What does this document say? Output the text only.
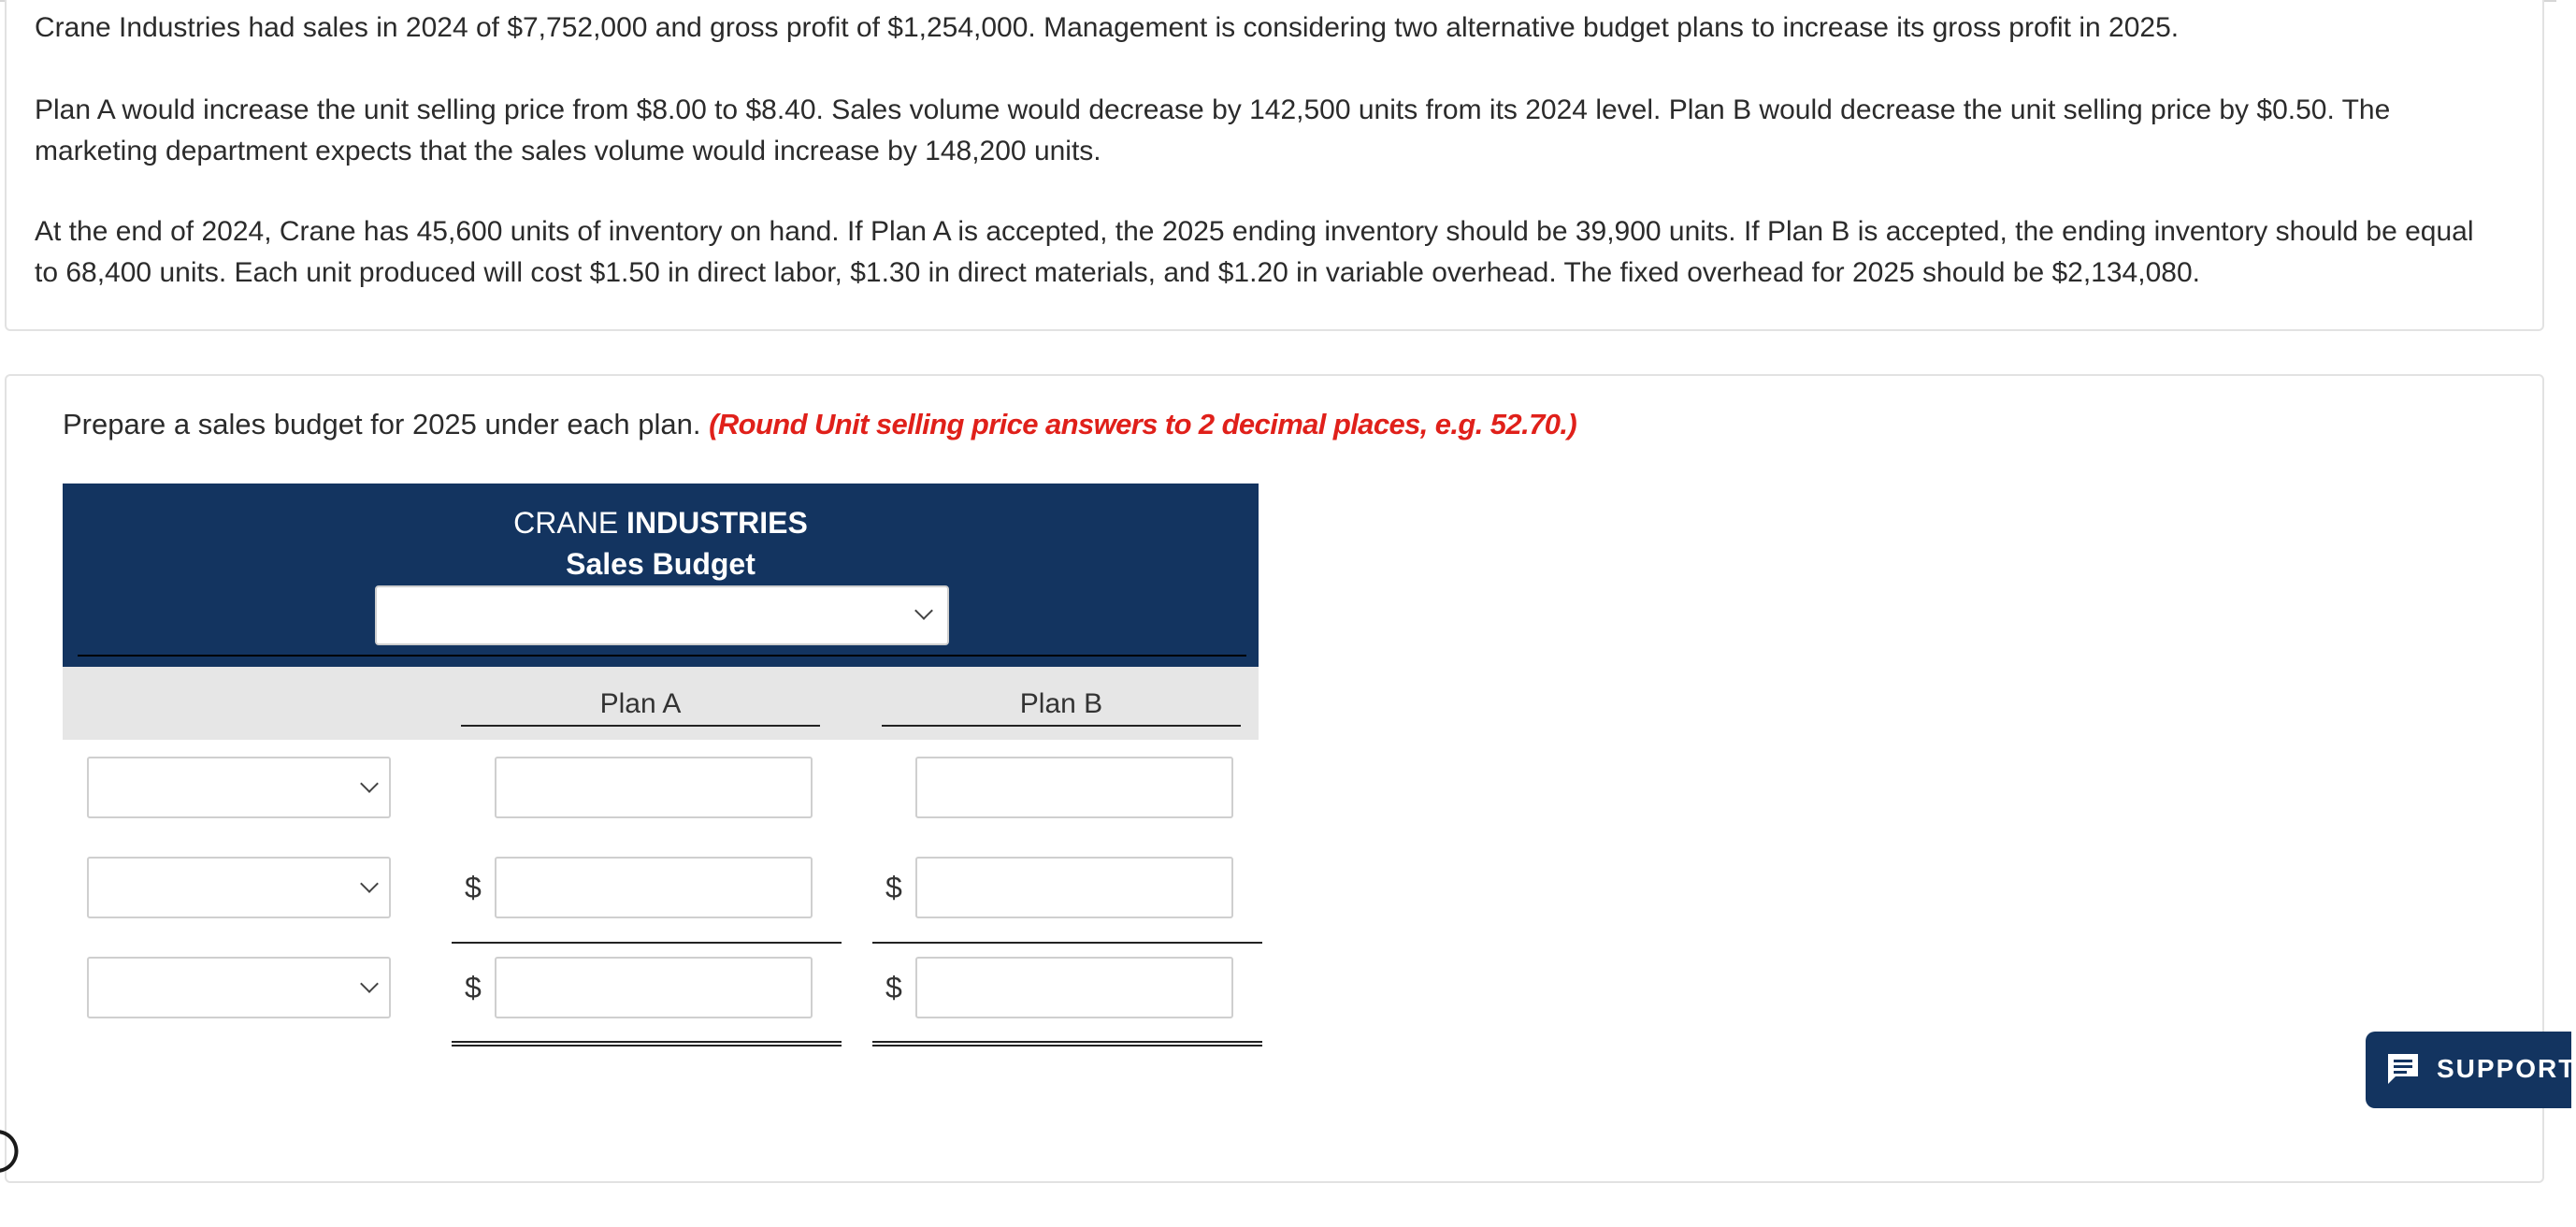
Crane Industries had sales in 2024 of $7,752,000 and gross profit of $1,254,000. Management is considering two alternative budget plans to increase its gross profit in 2025.

Plan A would increase the unit selling price from $8.00 to $8.40. Sales volume would decrease by 142,500 units from its 2024 level. Plan B would decrease the unit selling price by $0.50. The marketing department expects that the sales volume would increase by 148,200 units.

At the end of 2024, Crane has 45,600 units of inventory on hand. If Plan A is accepted, the 2025 ending inventory should be 39,900 units. If Plan B is accepted, the ending inventory should be equal to 68,400 units. Each unit produced will cost $1.50 in direct labor, $1.30 in direct materials, and $1.20 in variable overhead. The fixed overhead for 2025 should be $2,134,080.

Prepare a sales budget for 2025 under each plan. (Round Unit selling price answers to 2 decimal places, e.g. 52.70.)

CRANE INDUSTRIES
Sales Budget
Plan A	Plan B
$	$
$	$
SUPPORT
